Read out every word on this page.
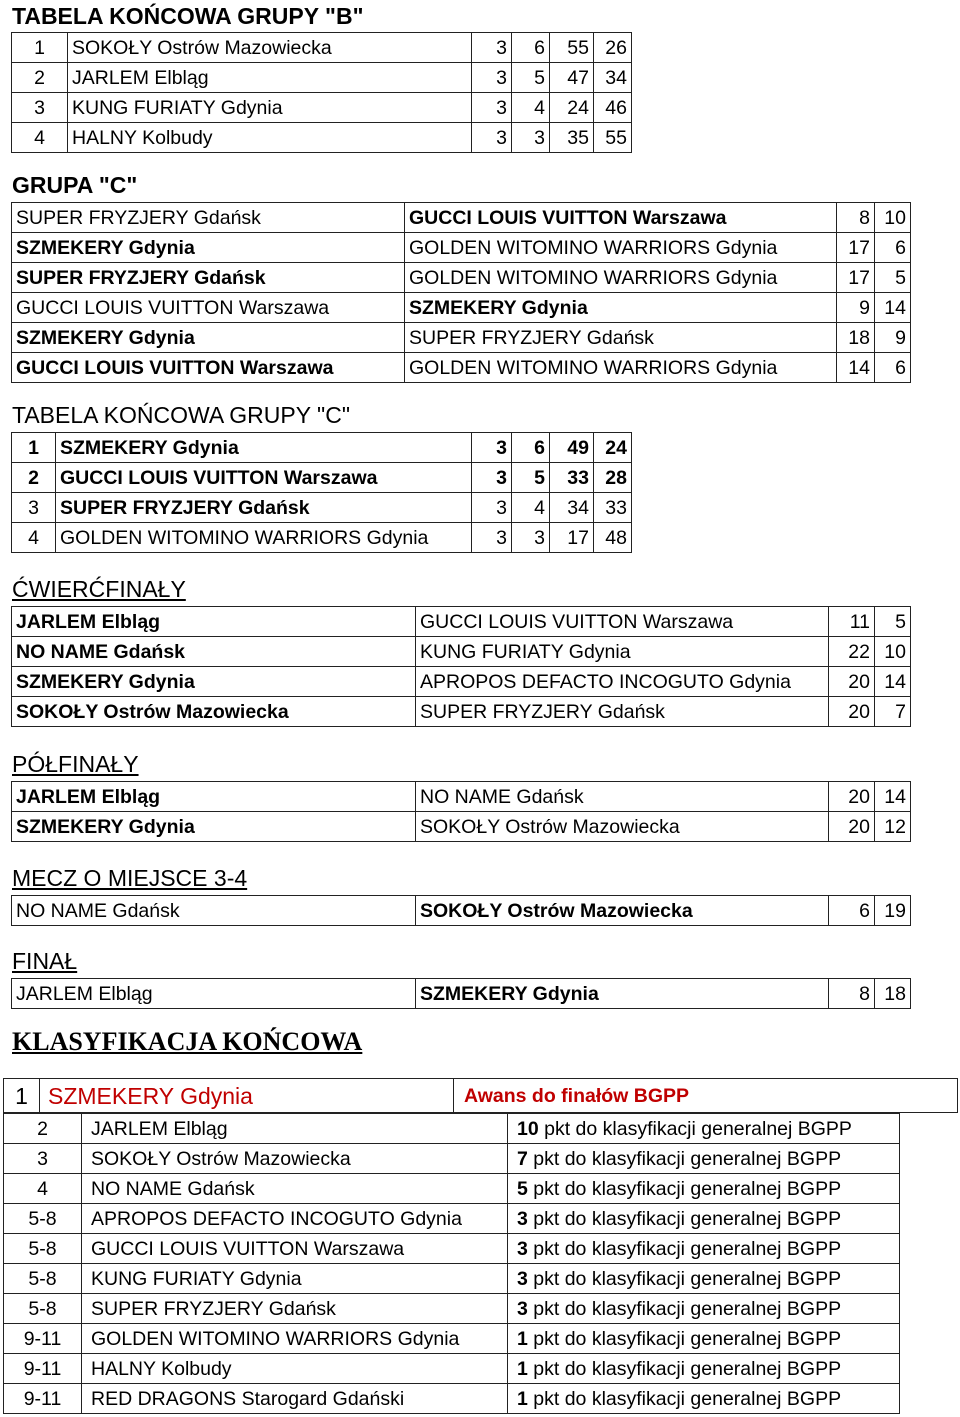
TABELA KOŃCOWA GRUPY "B"
1	SOKOŁY Ostrów Mazowiecka	3	6	55	26
2	JARLEM Elbląg	3	5	47	34
3	KUNG FURIATY Gdynia	3	4	24	46
4	HALNY Kolbudy	3	3	35	55
GRUPA "C"
SUPER FRYZJERY Gdańsk	GUCCI LOUIS VUITTON Warszawa	8	10
SZMEKERY Gdynia	GOLDEN WITOMINO WARRIORS Gdynia	17	6
SUPER FRYZJERY Gdańsk	GOLDEN WITOMINO WARRIORS Gdynia	17	5
GUCCI LOUIS VUITTON Warszawa	SZMEKERY Gdynia	9	14
SZMEKERY Gdynia	SUPER FRYZJERY Gdańsk	18	9
GUCCI LOUIS VUITTON Warszawa	GOLDEN WITOMINO WARRIORS Gdynia	14	6
TABELA KOŃCOWA GRUPY "C"
1	SZMEKERY Gdynia	3	6	49	24
2	GUCCI LOUIS VUITTON Warszawa	3	5	33	28
3	SUPER FRYZJERY Gdańsk	3	4	34	33
4	GOLDEN WITOMINO WARRIORS Gdynia	3	3	17	48
ĆWIERĆFINAŁY
JARLEM Elbląg	GUCCI LOUIS VUITTON Warszawa	11	5
NO NAME Gdańsk	KUNG FURIATY Gdynia	22	10
SZMEKERY Gdynia	APROPOS DEFACTO INCOGUTO Gdynia	20	14
SOKOŁY Ostrów Mazowiecka	SUPER FRYZJERY Gdańsk	20	7
PÓŁFINAŁY
JARLEM Elbląg	NO NAME Gdańsk	20	14
SZMEKERY Gdynia	SOKOŁY Ostrów Mazowiecka	20	12
MECZ O MIEJSCE 3-4
NO NAME Gdańsk	SOKOŁY Ostrów Mazowiecka	6	19
FINAŁ
JARLEM Elbląg	SZMEKERY Gdynia	8	18
KLASYFIKACJA KOŃCOWA
1	SZMEKERY Gdynia	Awans do finałów BGPP
2	JARLEM Elbląg	10 pkt do klasyfikacji generalnej BGPP
3	SOKOŁY Ostrów Mazowiecka	7 pkt do klasyfikacji generalnej BGPP
4	NO NAME Gdańsk	5 pkt do klasyfikacji generalnej BGPP
5-8	APROPOS DEFACTO INCOGUTO Gdynia	3 pkt do klasyfikacji generalnej BGPP
5-8	GUCCI LOUIS VUITTON Warszawa	3 pkt do klasyfikacji generalnej BGPP
5-8	KUNG FURIATY Gdynia	3 pkt do klasyfikacji generalnej BGPP
5-8	SUPER FRYZJERY Gdańsk	3 pkt do klasyfikacji generalnej BGPP
9-11	GOLDEN WITOMINO WARRIORS Gdynia	1 pkt do klasyfikacji generalnej BGPP
9-11	HALNY Kolbudy	1 pkt do klasyfikacji generalnej BGPP
9-11	RED DRAGONS Starogard Gdański	1 pkt do klasyfikacji generalnej BGPP
